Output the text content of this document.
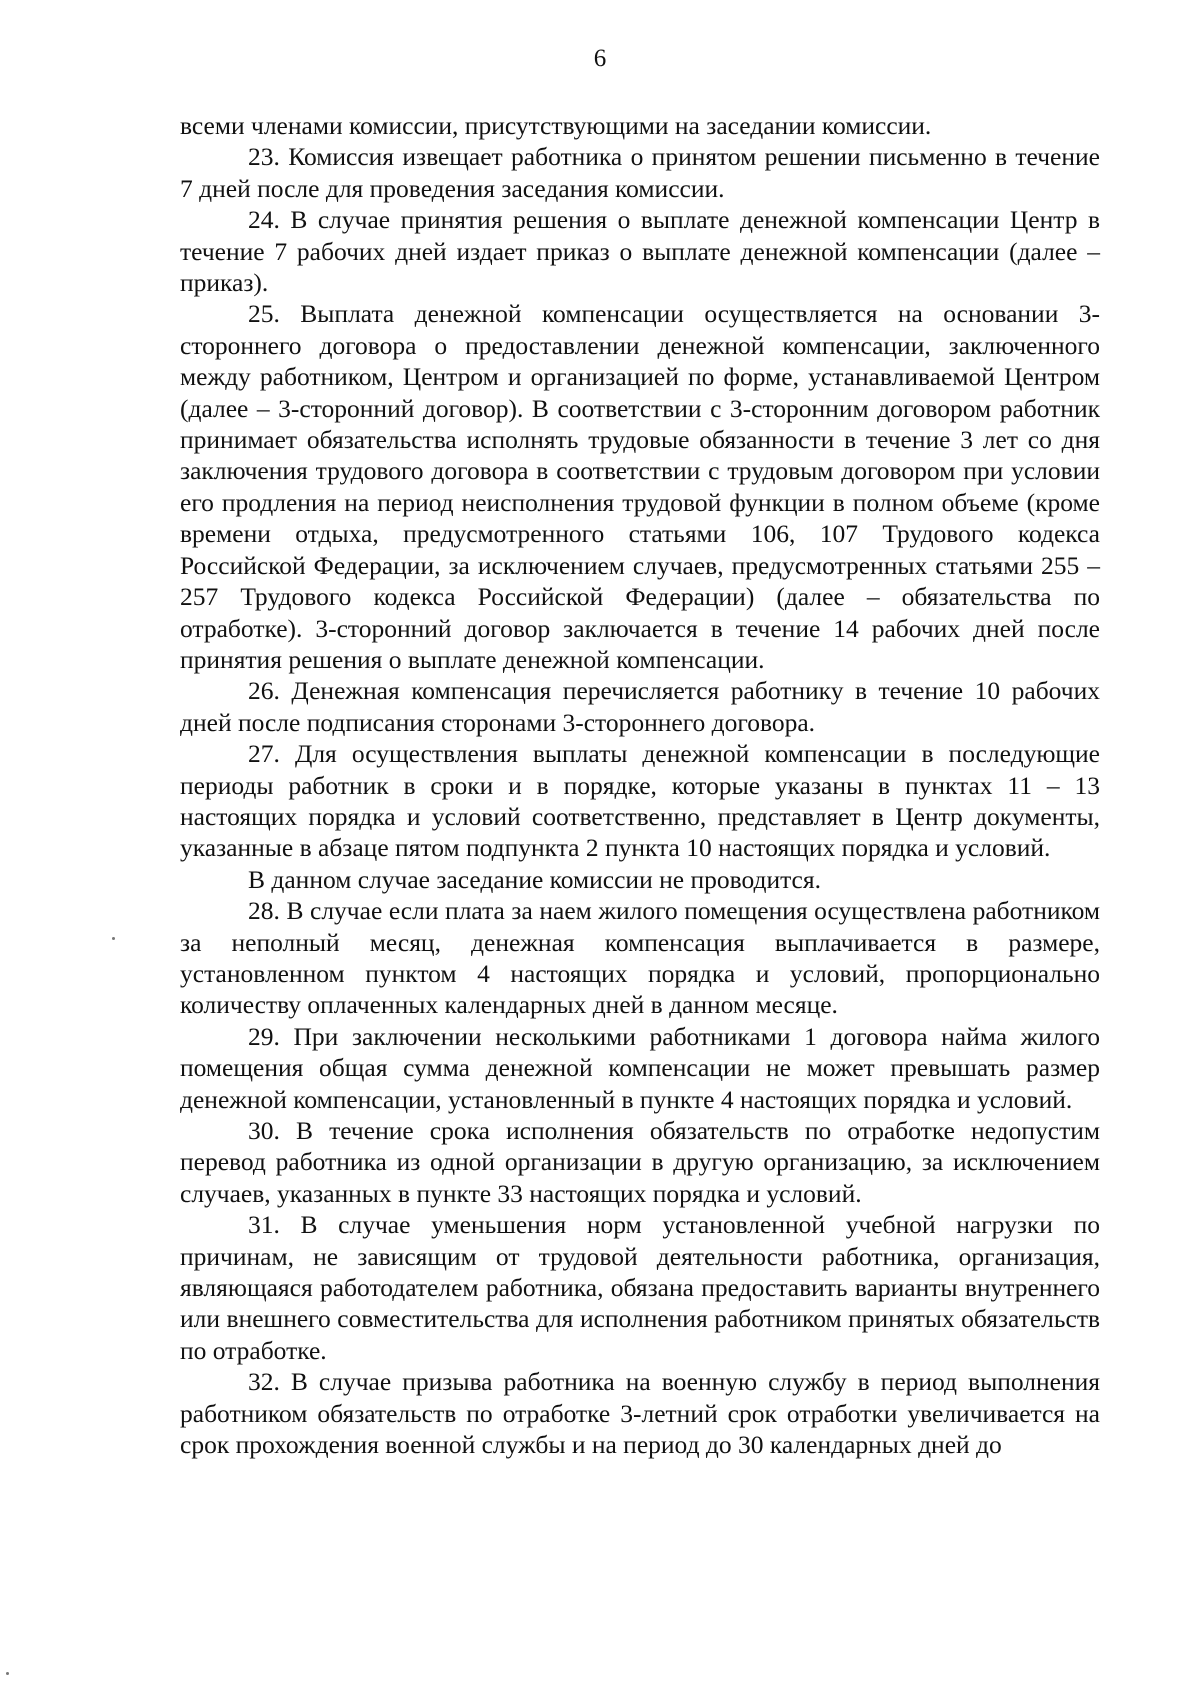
6

всеми членами комиссии, присутствующими на заседании комиссии.

23. Комиссия извещает работника о принятом решении письменно в течение 7 дней после для проведения заседания комиссии.

24. В случае принятия решения о выплате денежной компенсации Центр в течение 7 рабочих дней издает приказ о выплате денежной компенсации (далее – приказ).

25. Выплата денежной компенсации осуществляется на основании 3-стороннего договора о предоставлении денежной компенсации, заключенного между работником, Центром и организацией по форме, устанавливаемой Центром (далее – 3-сторонний договор). В соответствии с 3-сторонним договором работник принимает обязательства исполнять трудовые обязанности в течение 3 лет со дня заключения трудового договора в соответствии с трудовым договором при условии его продления на период неисполнения трудовой функции в полном объеме (кроме времени отдыха, предусмотренного статьями 106, 107 Трудового кодекса Российской Федерации, за исключением случаев, предусмотренных статьями 255 – 257 Трудового кодекса Российской Федерации) (далее – обязательства по отработке). 3-сторонний договор заключается в течение 14 рабочих дней после принятия решения о выплате денежной компенсации.

26. Денежная компенсация перечисляется работнику в течение 10 рабочих дней после подписания сторонами 3-стороннего договора.

27. Для осуществления выплаты денежной компенсации в последующие периоды работник в сроки и в порядке, которые указаны в пунктах 11 – 13 настоящих порядка и условий соответственно, представляет в Центр документы, указанные в абзаце пятом подпункта 2 пункта 10 настоящих порядка и условий.

В данном случае заседание комиссии не проводится.

28. В случае если плата за наем жилого помещения осуществлена работником за неполный месяц, денежная компенсация выплачивается в размере, установленном пунктом 4 настоящих порядка и условий, пропорционально количеству оплаченных календарных дней в данном месяце.

29. При заключении несколькими работниками 1 договора найма жилого помещения общая сумма денежной компенсации не может превышать размер денежной компенсации, установленный в пункте 4 настоящих порядка и условий.

30. В течение срока исполнения обязательств по отработке недопустим перевод работника из одной организации в другую организацию, за исключением случаев, указанных в пункте 33 настоящих порядка и условий.

31. В случае уменьшения норм установленной учебной нагрузки по причинам, не зависящим от трудовой деятельности работника, организация, являющаяся работодателем работника, обязана предоставить варианты внутреннего или внешнего совместительства для исполнения работником принятых обязательств по отработке.

32. В случае призыва работника на военную службу в период выполнения работником обязательств по отработке 3-летний срок отработки увеличивается на срок прохождения военной службы и на период до 30 календарных дней до
